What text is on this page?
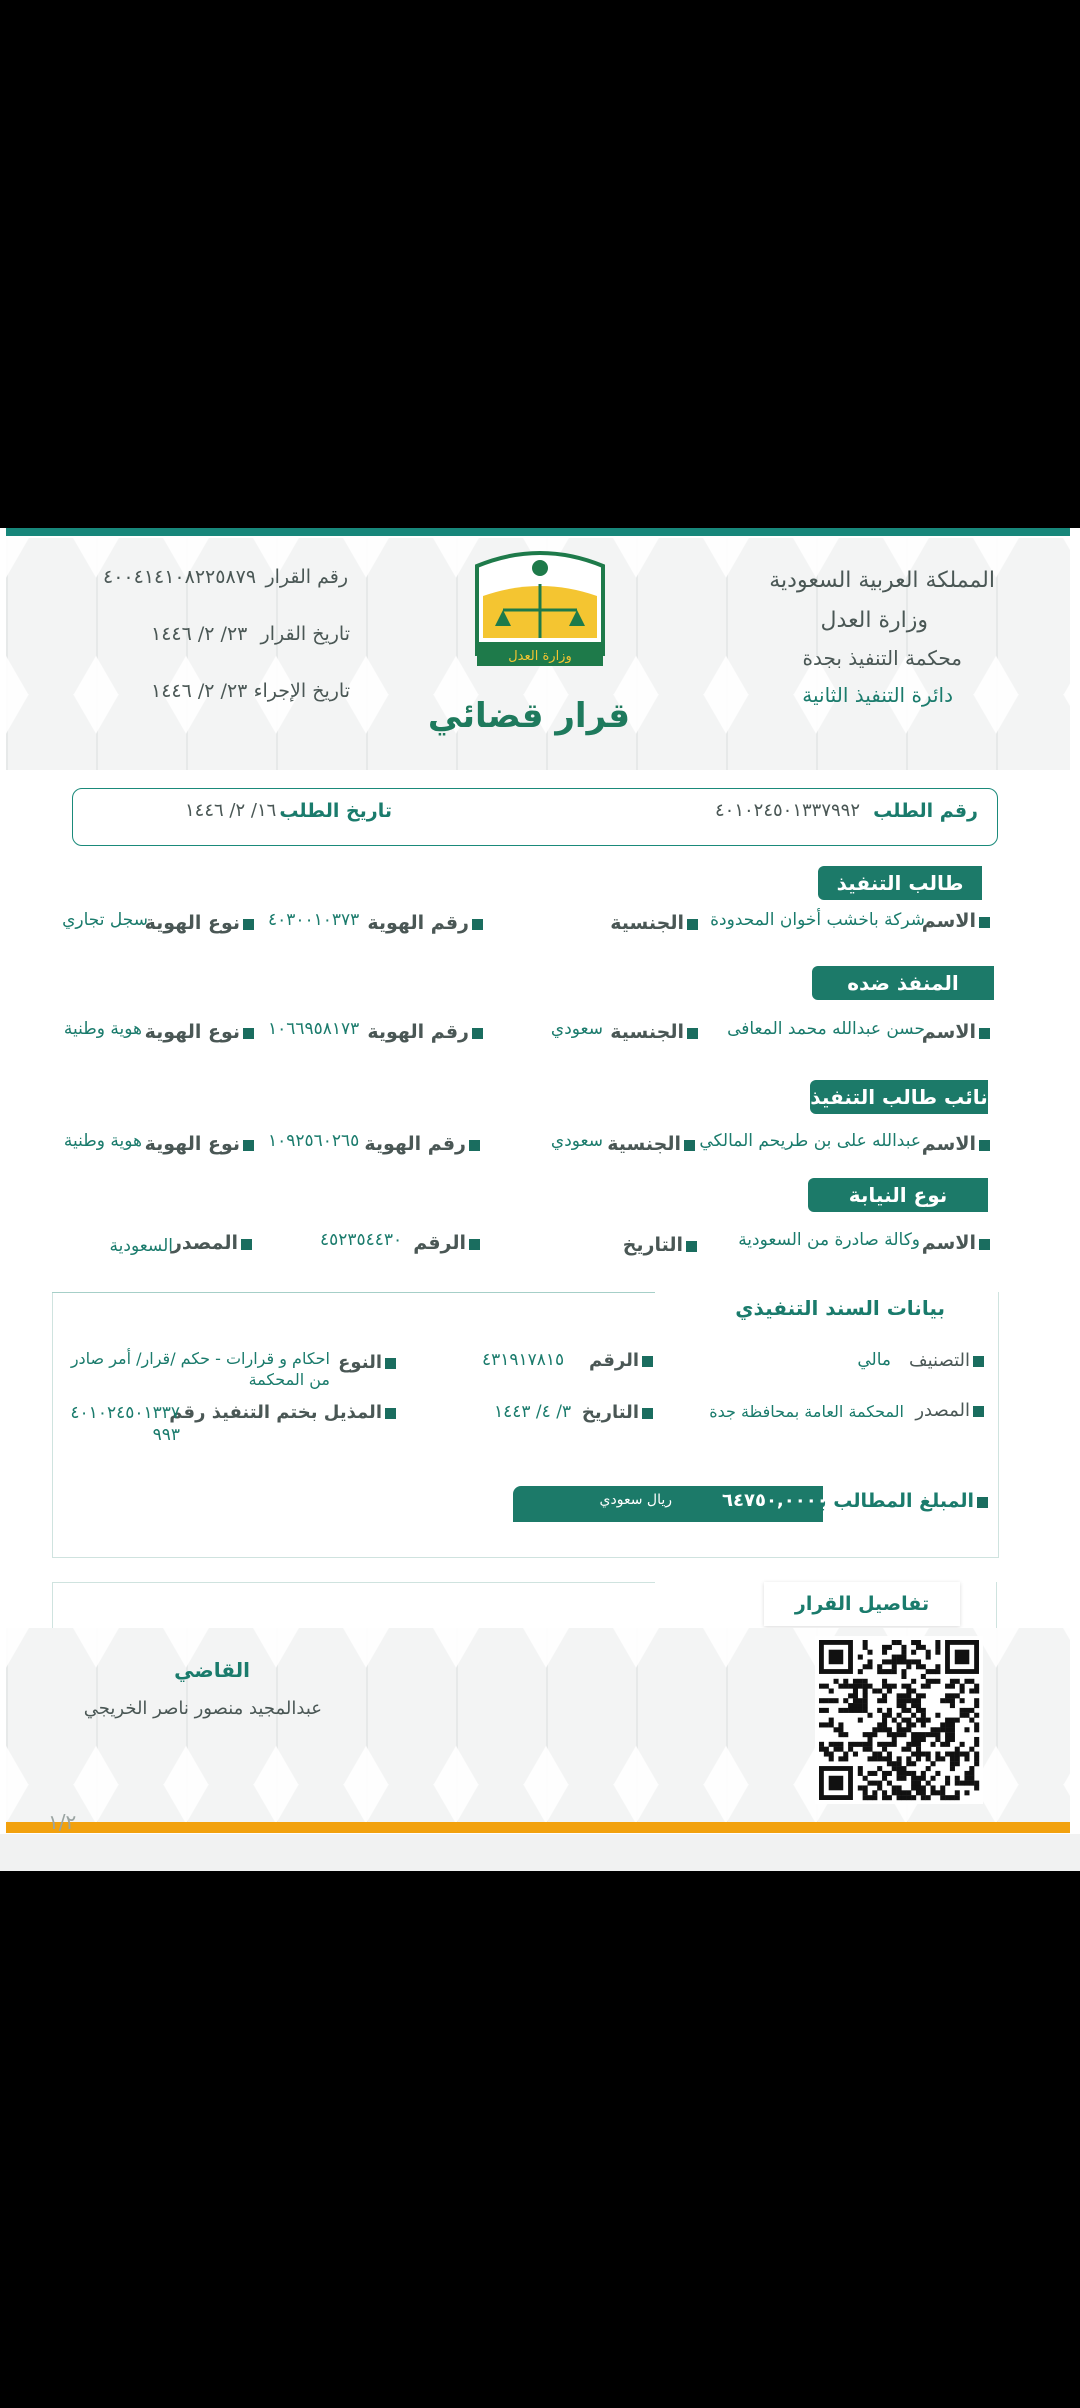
المملكة العربية السعودية
وزارة العدل
محكمة التنفيذ بجدة
دائرة التنفيذ الثانية
وزارة العدل
قرار قضائي
رقم القرار
٤٠٠٤١٤١٠٨٢٢٥٨٧٩
تاريخ القرار
٢٣/ ٢/ ١٤٤٦
تاريخ الإجراء
٢٣/ ٢/ ١٤٤٦
رقم الطلب
٤٠١٠٢٤٥٠١٣٣٧٩٩٢
تاريخ الطلب
١٦/ ٢/ ١٤٤٦
طالب التنفيذ
الاسم
شركة باخشب أخوان المحدودة
الجنسية
رقم الهوية
٤٠٣٠٠١٠٣٧٣
نوع الهوية
سجل تجاري
المنفذ ضده
الاسم
حسن عبدالله محمد المعافى
الجنسية
سعودي
رقم الهوية
١٠٦٦٩٥٨١٧٣
نوع الهوية
هوية وطنية
نائب طالب التنفيذ
الاسم
عبدالله على بن طريحم المالكي
الجنسية
سعودي
رقم الهوية
١٠٩٢٥٦٠٢٦٥
نوع الهوية
هوية وطنية
نوع النيابة
الاسم
وكالة صادرة من السعودية
التاريخ
الرقم
٤٥٢٣٥٤٤٣٠
المصدر
السعودية
بيانات السند التنفيذي
التصنيف
مالي
الرقم
٤٣١٩١٧٨١٥
النوع
احكام و قرارات - حكم /قرار/ أمر صادر من المحكمة
المصدر
المحكمة العامة بمحافظة جدة
التاريخ
٣/ ٤/ ١٤٤٣
المذيل بختم التنفيذ رقم
٤٠١٠٢٤٥٠١٣٣٧٩٩٣
المبلغ المطالب به
٦٤٧٥٠,٠٠٠٠
ريال سعودي
تفاصيل القرار
القاضي
عبدالمجيد منصور ناصر الخريجي
١/٢
